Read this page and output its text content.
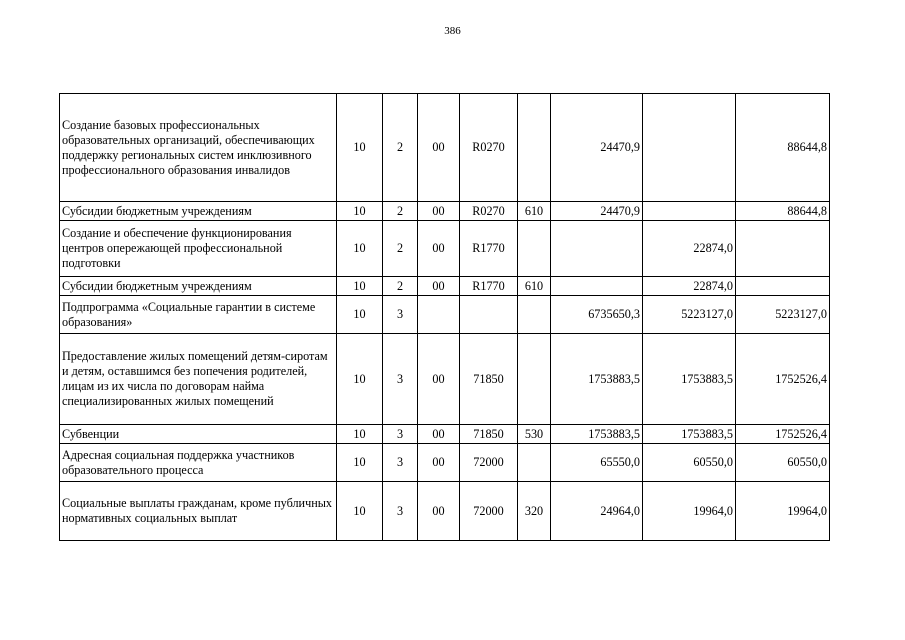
386
Создание базовых профессиональных образовательных организаций, обеспечивающих поддержку региональных систем инклюзивного профессионального образования инвалидов	10	2	00	R0270		24470,9		88644,8
Субсидии бюджетным учреждениям	10	2	00	R0270	610	24470,9		88644,8
Создание и обеспечение функционирования центров опережающей профессиональной подготовки	10	2	00	R1770			22874,0	
Субсидии бюджетным учреждениям	10	2	00	R1770	610		22874,0	
Подпрограмма «Социальные гарантии в системе образования»	10	3				6735650,3	5223127,0	5223127,0
Предоставление жилых помещений детям-сиротам и детям, оставшимся без попечения родителей, лицам из их числа по договорам найма специализированных жилых помещений	10	3	00	71850		1753883,5	1753883,5	1752526,4
Субвенции	10	3	00	71850	530	1753883,5	1753883,5	1752526,4
Адресная социальная поддержка участников образовательного процесса	10	3	00	72000		65550,0	60550,0	60550,0
Социальные выплаты гражданам, кроме публичных нормативных социальных выплат	10	3	00	72000	320	24964,0	19964,0	19964,0
